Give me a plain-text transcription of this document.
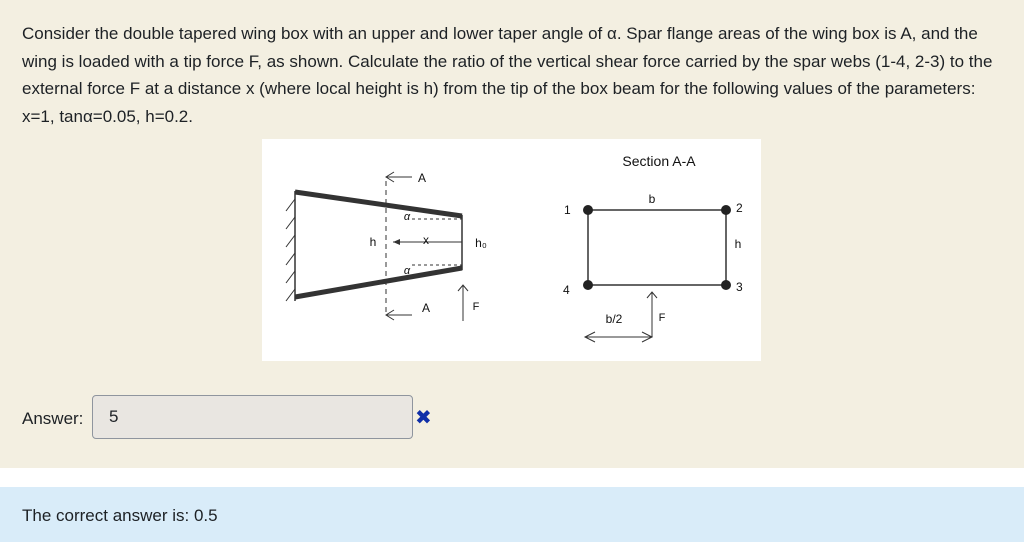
Consider the double tapered wing box with an upper and lower taper angle of α. Spar flange areas of the wing box is A, and the wing is loaded with a tip force F, as shown. Calculate the ratio of the vertical shear force carried by the spar webs (1-4, 2-3) to the external force F at a distance x (where local height is h) from the tip of the box beam for the following values of the parameters: x=1, tanα=0.05, h=0.2.
A
A
α
α
h	x	h₀
F
Section A-A
1	2
3
4
b
h
b/2	F
Answer:	5	✖
The correct answer is: 0.5
